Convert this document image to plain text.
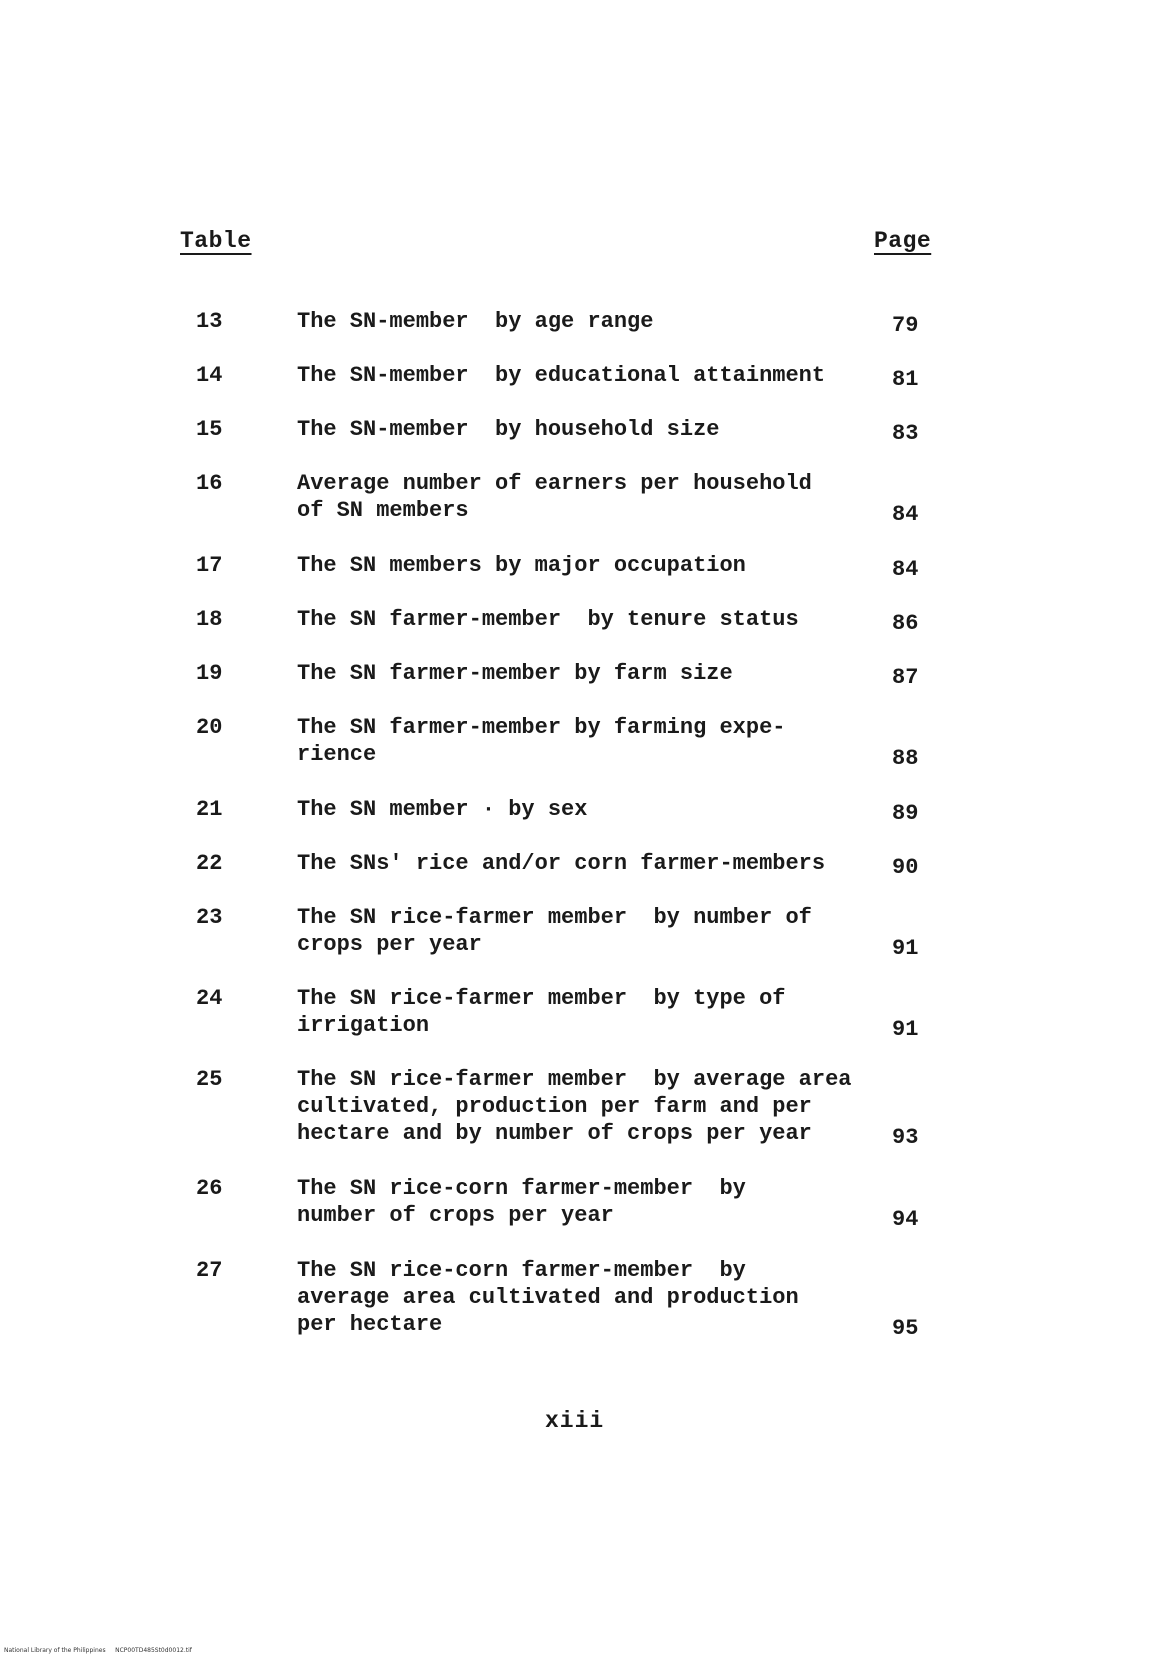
Table	Page
13	The SN-member  by age range	79
14	The SN-member  by educational attainment	81
15	The SN-member  by household size	83
16	Average number of earners per household
of SN members	84
17	The SN members by major occupation	84
18	The SN farmer-member  by tenure status	86
19	The SN farmer-member by farm size	87
20	The SN farmer-member by farming expe-
rience	88
21	The SN member · by sex	89
22	The SNs' rice and/or corn farmer-members	90
23	The SN rice-farmer member  by number of
crops per year	91
24	The SN rice-farmer member  by type of
irrigation	91
25	The SN rice-farmer member  by average area
cultivated, production per farm and per
hectare and by number of crops per year	93
26	The SN rice-corn farmer-member  by
number of crops per year	94
27	The SN rice-corn farmer-member  by
average area cultivated and production
per hectare	95
xiii
National Library of the Philippines     NCP00TD485St0d0012.tif
